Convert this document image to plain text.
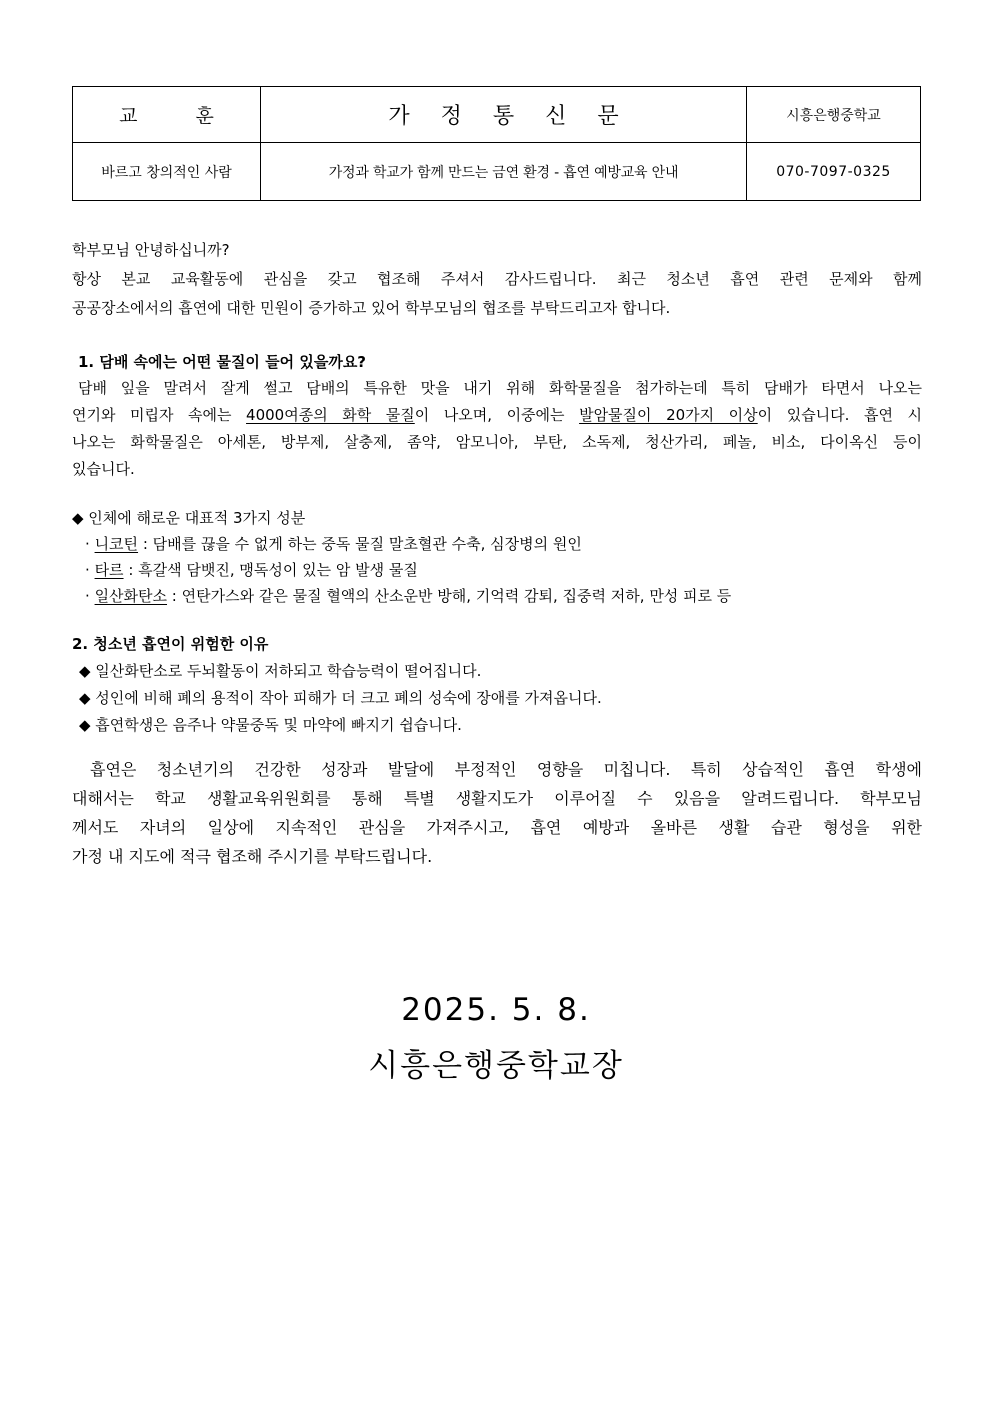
교 훈	가 정 통 신 문	시흥은행중학교
바르고 창의적인 사람	가정과 학교가 함께 만드는 금연 환경 - 흡연 예방교육 안내	070-7097-0325

학부모님 안녕하십니까?

항상 본교 교육활동에 관심을 갖고 협조해 주셔서 감사드립니다. 최근 청소년 흡연 관련 문제와 함께

공공장소에서의 흡연에 대한 민원이 증가하고 있어 학부모님의 협조를 부탁드리고자 합니다.

1. 담배 속에는 어떤 물질이 들어 있을까요?

담배 잎을 말려서 잘게 썰고 담배의 특유한 맛을 내기 위해 화학물질을 첨가하는데 특히 담배가 타면서 나오는

연기와 미립자 속에는 4000여종의 화학 물질이 나오며, 이중에는 발암물질이 20가지 이상이 있습니다. 흡연 시

나오는 화학물질은 아세톤, 방부제, 살충제, 좀약, 암모니아, 부탄, 소독제, 청산가리, 페놀, 비소, 다이옥신 등이

있습니다.

◆ 인체에 해로운 대표적 3가지 성분

· 니코틴 : 담배를 끊을 수 없게 하는 중독 물질 말초혈관 수축, 심장병의 원인

· 타르 : 흑갈색 담뱃진, 맹독성이 있는 암 발생 물질

· 일산화탄소 : 연탄가스와 같은 물질 혈액의 산소운반 방해, 기억력 감퇴, 집중력 저하, 만성 피로 등

2. 청소년 흡연이 위험한 이유

◆ 일산화탄소로 두뇌활동이 저하되고 학습능력이 떨어집니다.

◆ 성인에 비해 폐의 용적이 작아 피해가 더 크고 폐의 성숙에 장애를 가져옵니다.

◆ 흡연학생은 음주나 약물중독 및 마약에 빠지기 쉽습니다.

흡연은 청소년기의 건강한 성장과 발달에 부정적인 영향을 미칩니다. 특히 상습적인 흡연 학생에

대해서는 학교 생활교육위원회를 통해 특별 생활지도가 이루어질 수 있음을 알려드립니다. 학부모님

께서도 자녀의 일상에 지속적인 관심을 가져주시고, 흡연 예방과 올바른 생활 습관 형성을 위한

가정 내 지도에 적극 협조해 주시기를 부탁드립니다.

2025. 5. 8.
시흥은행중학교장
